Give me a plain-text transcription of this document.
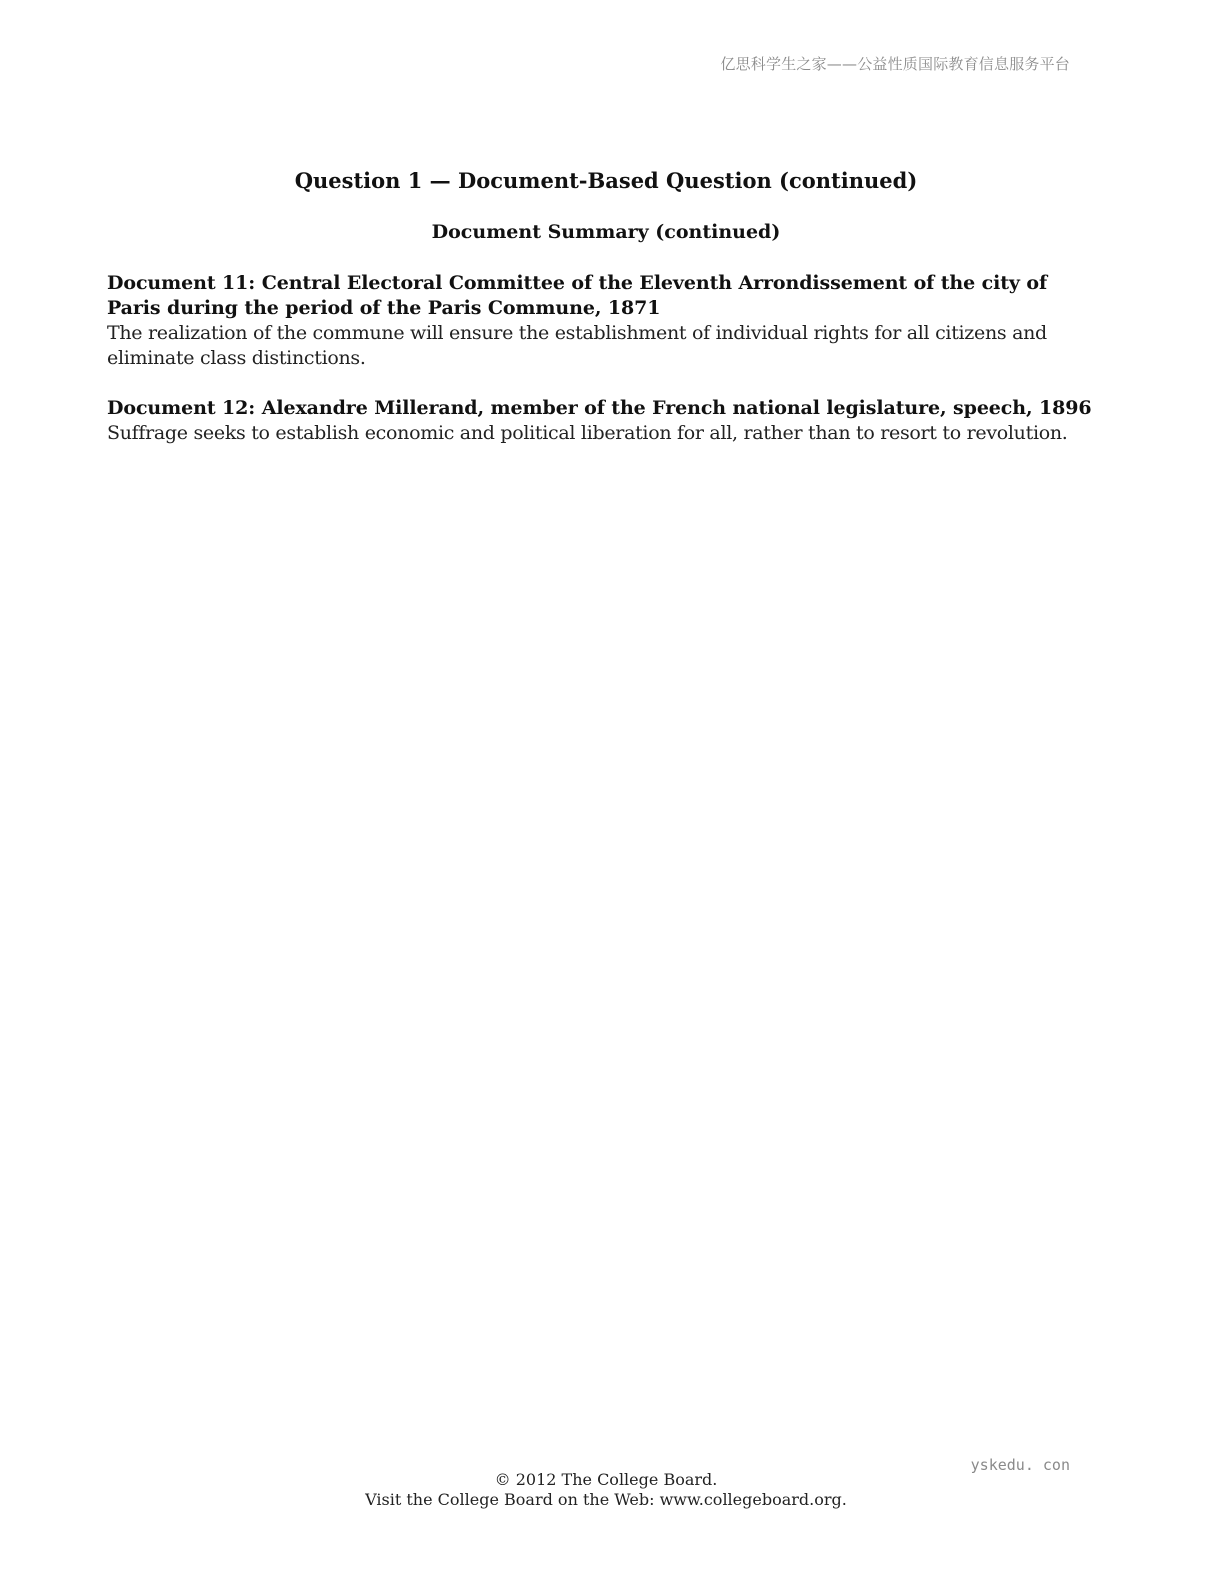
亿思科学生之家——公益性质国际教育信息服务平台
Question 1 — Document-Based Question (continued)
Document Summary (continued)

Document 11: Central Electoral Committee of the Eleventh Arrondissement of the city of Paris during the period of the Paris Commune, 1871

The realization of the commune will ensure the establishment of individual rights for all citizens and eliminate class distinctions.

Document 12: Alexandre Millerand, member of the French national legislature, speech, 1896

Suffrage seeks to establish economic and political liberation for all, rather than to resort to revolution.

yskedu. con
© 2012 The College Board.
Visit the College Board on the Web: www.collegeboard.org.
